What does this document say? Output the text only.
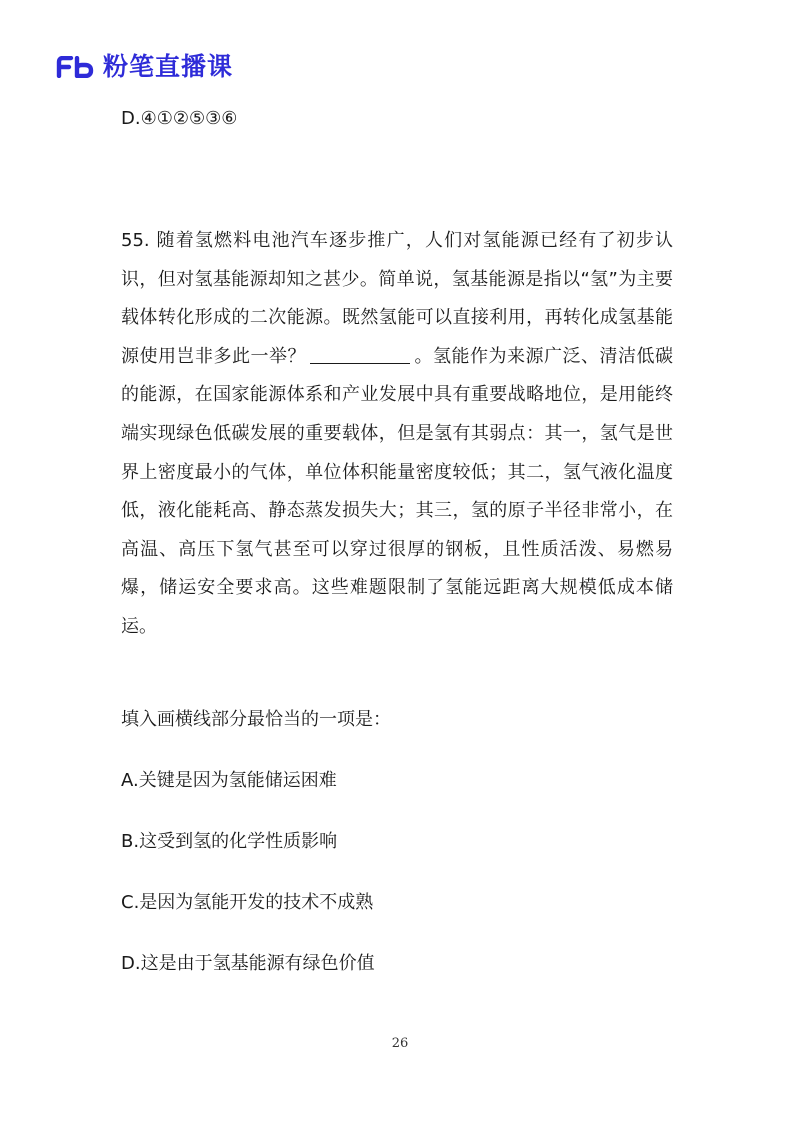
粉笔直播课

D.④①②⑤③⑥

55. 随着氢燃料电池汽车逐步推广，人们对氢能源已经有了初步认识，但对氢基能源却知之甚少。简单说，氢基能源是指以“氢”为主要载体转化形成的二次能源。既然氢能可以直接利用，再转化成氢基能源使用岂非多此一举？	。氢能作为来源广泛、清洁低碳的能源，在国家能源体系和产业发展中具有重要战略地位，是用能终端实现绿色低碳发展的重要载体，但是氢有其弱点：其一，氢气是世界上密度最小的气体，单位体积能量密度较低；其二，氢气液化温度低，液化能耗高、静态蒸发损失大；其三，氢的原子半径非常小，在高温、高压下氢气甚至可以穿过很厚的钢板，且性质活泼、易燃易爆，储运安全要求高。这些难题限制了氢能远距离大规模低成本储运。

填入画横线部分最恰当的一项是：

A.关键是因为氢能储运困难

B.这受到氢的化学性质影响

C.是因为氢能开发的技术不成熟

D.这是由于氢基能源有绿色价值

26
